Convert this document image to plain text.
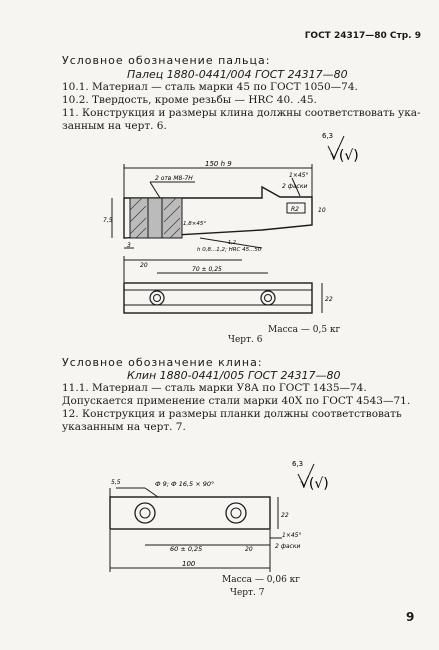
ГОСТ 24317—80 Стр. 9
Условное обозначение пальца:
Палец 1880-0441/004 ГОСТ 24317—80
10.1. Материал — сталь марки 45 по ГОСТ 1050—74.
10.2. Твердость, кроме резьбы — HRC 40. .45.
11. Конструкция и размеры клина должны соответствовать ука-
занным на черт. 6.
6,3
√(√)
150 h 9
2 отв М8-7Н	1×45°
2 фаски
R2	10
7,5	1,8×45°
3
h 0,8...1,2; HRC 45...50
1,2
20
70 ± 0,25
22
6,3
√(√)
5,5	Ф 9; Ф 16,5 × 90°
22
60 ± 0,25	20
1×45°
2 фаски
100
Масса — 0,5 кг
Черт. 6
Условное обозначение клина:
Клин 1880-0441/005 ГОСТ 24317—80
11.1. Материал — сталь марки У8А по ГОСТ 1435—74.
Допускается применение стали марки 40Х по ГОСТ 4543—71.
12. Конструкция и размеры планки должны соответствовать
указанным на черт. 7.
Масса — 0,06 кг
Черт. 7
9
